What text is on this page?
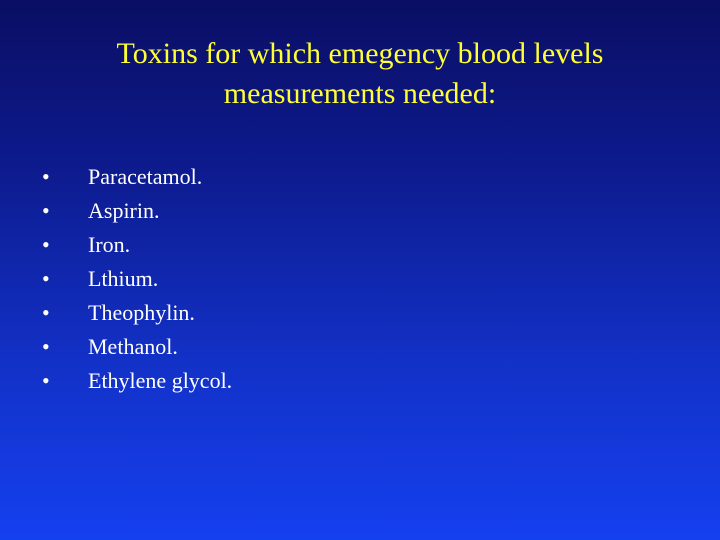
Toxins for which emegency blood levels
measurements needed:
• Paracetamol.
• Aspirin.
• Iron.
• Lthium.
• Theophylin.
• Methanol.
• Ethylene glycol.
